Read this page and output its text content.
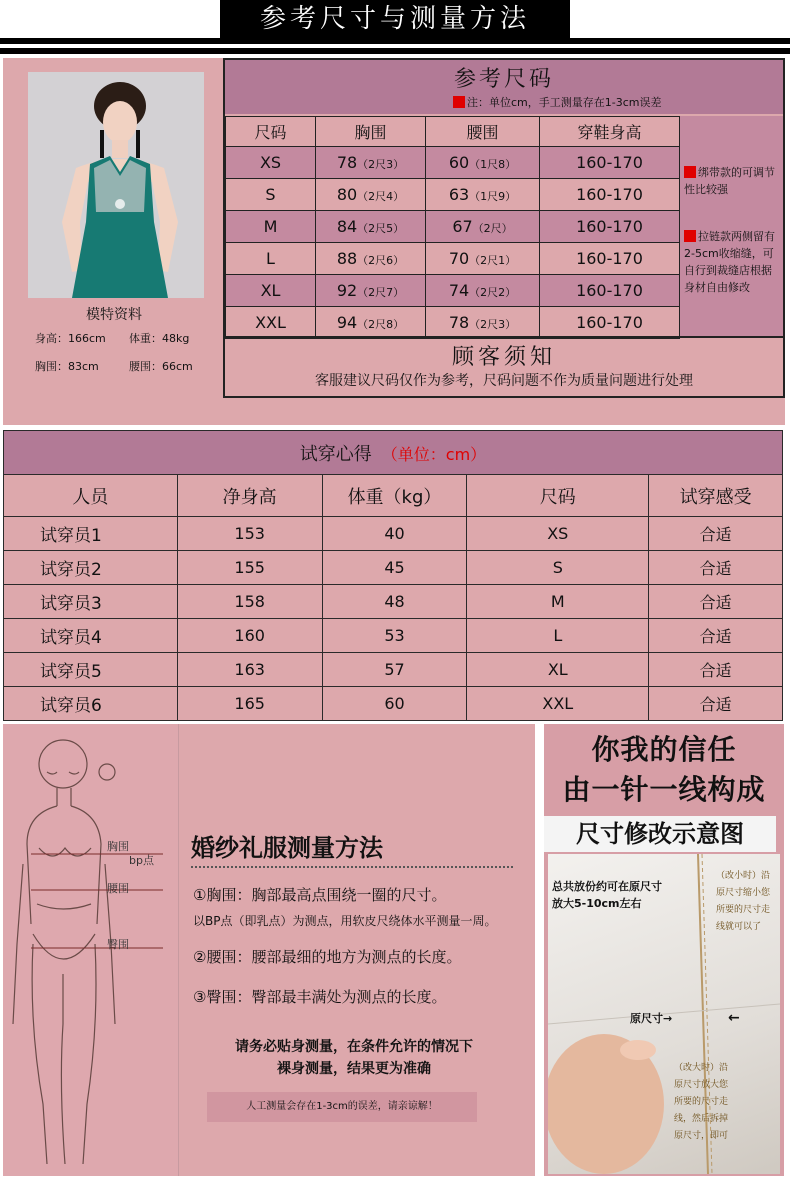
参考尺寸与测量方法
模特资料
身高：166cm 体重：48kg
胸围：83cm	腰围：66cm
参考尺码
注：单位cm，手工测量存在1-3cm误差
尺码	胸围	腰围	穿鞋身高
XS	78（2尺3）	60（1尺8）	160-170
S	80（2尺4）	63（1尺9）	160-170
M	84（2尺5）	67（2尺）	160-170
L	88（2尺6）	70（2尺1）	160-170
XL	92（2尺7）	74（2尺2）	160-170
XXL	94（2尺8）	78（2尺3）	160-170
绑带款的可调节性比较强
拉链款两侧留有2-5cm收缩缝，可自行到裁缝店根据身材自由修改
顾客须知
客服建议尺码仅作为参考，尺码问题不作为质量问题进行处理
试穿心得 （单位：cm）				
人员	净身高	体重（kg）	尺码	试穿感受
试穿员1	153	40	XS	合适
试穿员2	155	45	S	合适
试穿员3	158	48	M	合适
试穿员4	160	53	L	合适
试穿员5	163	57	XL	合适
试穿员6	165	60	XXL	合适
胸围
bp点
腰围
臀围
婚纱礼服测量方法
①胸围：胸部最高点围绕一圈的尺寸。
以BP点（即乳点）为测点，用软皮尺绕体水平测量一周。
②腰围：腰部最细的地方为测点的长度。
③臀围：臀部最丰满处为测点的长度。
请务必贴身测量，在条件允许的情况下
裸身测量，结果更为准确
人工测量会存在1-3cm的误差，请亲谅解！
你我的信任
由一针一线构成
尺寸修改示意图
总共放份约可在原尺寸
放大5-10cm左右
原尺寸→	←
（改小时）沿
原尺寸缩小您
所要的尺寸走
线就可以了
（改大时）沿
原尺寸放大您
所要的尺寸走
线，然后拆掉
原尺寸，即可
